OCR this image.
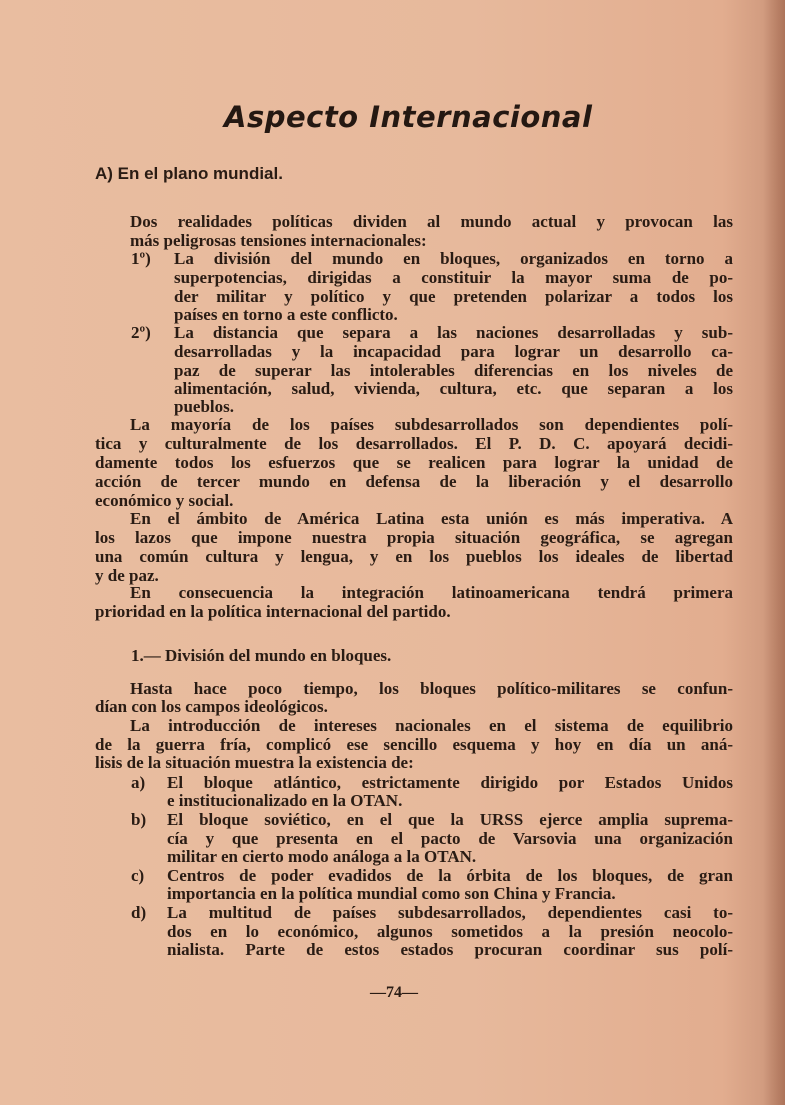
Aspecto Internacional
A) En el plano mundial.
Dos realidades políticas dividen al mundo actual y provocan las
más peligrosas tensiones internacionales:
1º) La división del mundo en bloques, organizados en torno a
superpotencias, dirigidas a constituir la mayor suma de po-
der militar y político y que pretenden polarizar a todos los
países en torno a este conflicto.
2º) La distancia que separa a las naciones desarrolladas y sub-
desarrolladas y la incapacidad para lograr un desarrollo ca-
paz de superar las intolerables diferencias en los niveles de
alimentación, salud, vivienda, cultura, etc. que separan a los
pueblos.
La mayoría de los países subdesarrollados son dependientes polí-
tica y culturalmente de los desarrollados. El P. D. C. apoyará decidi-
damente todos los esfuerzos que se realicen para lograr la unidad de
acción de tercer mundo en defensa de la liberación y el desarrollo
económico y social.
En el ámbito de América Latina esta unión es más imperativa. A
los lazos que impone nuestra propia situación geográfica, se agregan
una común cultura y lengua, y en los pueblos los ideales de libertad
y de paz.
En consecuencia la integración latinoamericana tendrá primera
prioridad en la política internacional del partido.
1.— División del mundo en bloques.
Hasta hace poco tiempo, los bloques político-militares se confun-
dían con los campos ideológicos.
La introducción de intereses nacionales en el sistema de equilibrio
de la guerra fría, complicó ese sencillo esquema y hoy en día un aná-
lisis de la situación muestra la existencia de:
a) El bloque atlántico, estrictamente dirigido por Estados Unidos
e institucionalizado en la OTAN.
b) El bloque soviético, en el que la URSS ejerce amplia suprema-
cía y que presenta en el pacto de Varsovia una organización
militar en cierto modo análoga a la OTAN.
c) Centros de poder evadidos de la órbita de los bloques, de gran
importancia en la política mundial como son China y Francia.
d) La multitud de países subdesarrollados, dependientes casi to-
dos en lo económico, algunos sometidos a la presión neocolo-
nialista. Parte de estos estados procuran coordinar sus polí-
—74—
